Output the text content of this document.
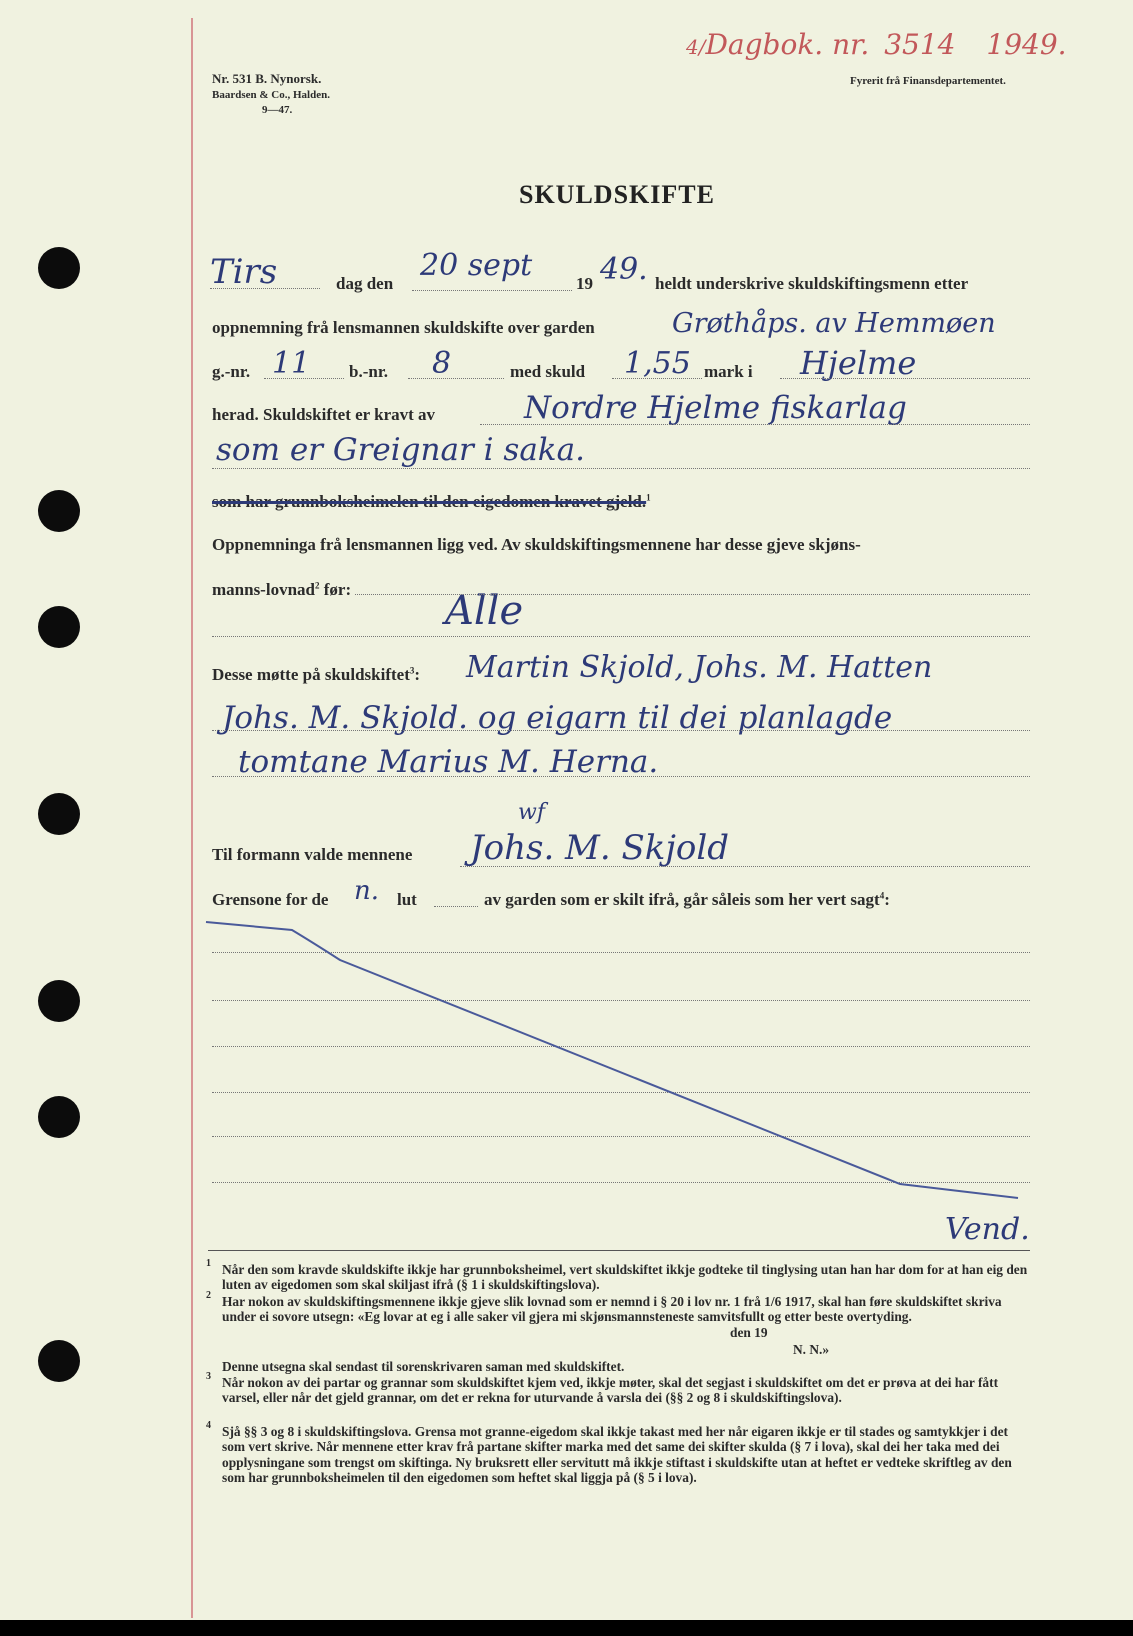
Nr. 531 B. Nynorsk.
Baardsen & Co., Halden.
9—47.
4/Dagbok. nr. 3514 1949.
Fyrerit frå Finansdepartementet.
SKULDSKIFTE
Tirs	dag den
20 sept
19 49. heldt underskrive skuldskiftingsmenn etter
oppnemning frå lensmannen skuldskifte over garden	Grøthåps. av Hemmøen
g.-nr. 11 b.-nr. 8	med skuld 1,55 mark i Hjelme
herad. Skuldskiftet er kravt av	Nordre Hjelme fiskarlag
som er Greignar i saka.
som har grunnboksheimelen til den eigedomen kravet gjeld.$^1$
Oppnemninga frå lensmannen ligg ved. Av skuldskiftingsmennene har desse gjeve skjøns-
manns-lovnad$^2$ før: Alle
Desse møtte på skuldskiftet$^3$: Martin Skjold, Johs. M. Hatten
Johs. M. Skjold. og eigarn til dei planlagde
tomtane Marius M. Herna.
Til formann valde mennene
wf
Johs. M. Skjold
Grensone for de n. lut	av garden som er skilt ifrå, går såleis som her vert sagt$^4$:
Vend.
1 Når den som kravde skuldskifte ikkje har grunnboksheimel, vert skuldskiftet ikkje godteke til tinglysing utan han har dom for at han eig den luten av eigedomen som skal skiljast ifrå (§ 1 i skuldskiftingslova).
2 Har nokon av skuldskiftingsmennene ikkje gjeve slik lovnad som er nemnd i § 20 i lov nr. 1 frå 1/6 1917, skal han føre skuldskiftet skriva under ei sovore utsegn: «Eg lovar at eg i alle saker vil gjera mi skjønsmannsteneste samvitsfullt og etter beste overtyding.
den 19
N. N.»
Denne utsegna skal sendast til sorenskrivaren saman med skuldskiftet.
3 Når nokon av dei partar og grannar som skuldskiftet kjem ved, ikkje møter, skal det segjast i skuldskiftet om det er prøva at dei har fått varsel, eller når det gjeld grannar, om det er rekna for uturvande å varsla dei (§§ 2 og 8 i skuldskiftingslova).
4 Sjå §§ 3 og 8 i skuldskiftingslova. Grensa mot granne-eigedom skal ikkje takast med her når eigaren ikkje er til stades og samtykkjer i det som vert skrive. Når mennene etter krav frå partane skifter marka med det same dei skifter skulda (§ 7 i lova), skal dei her taka med dei opplysningane som trengst om skiftinga. Ny bruksrett eller servitutt må ikkje stiftast i skuldskifte utan at heftet er vedteke skriftleg av den som har grunnboksheimelen til den eigedomen som heftet skal liggja på (§ 5 i lova).
